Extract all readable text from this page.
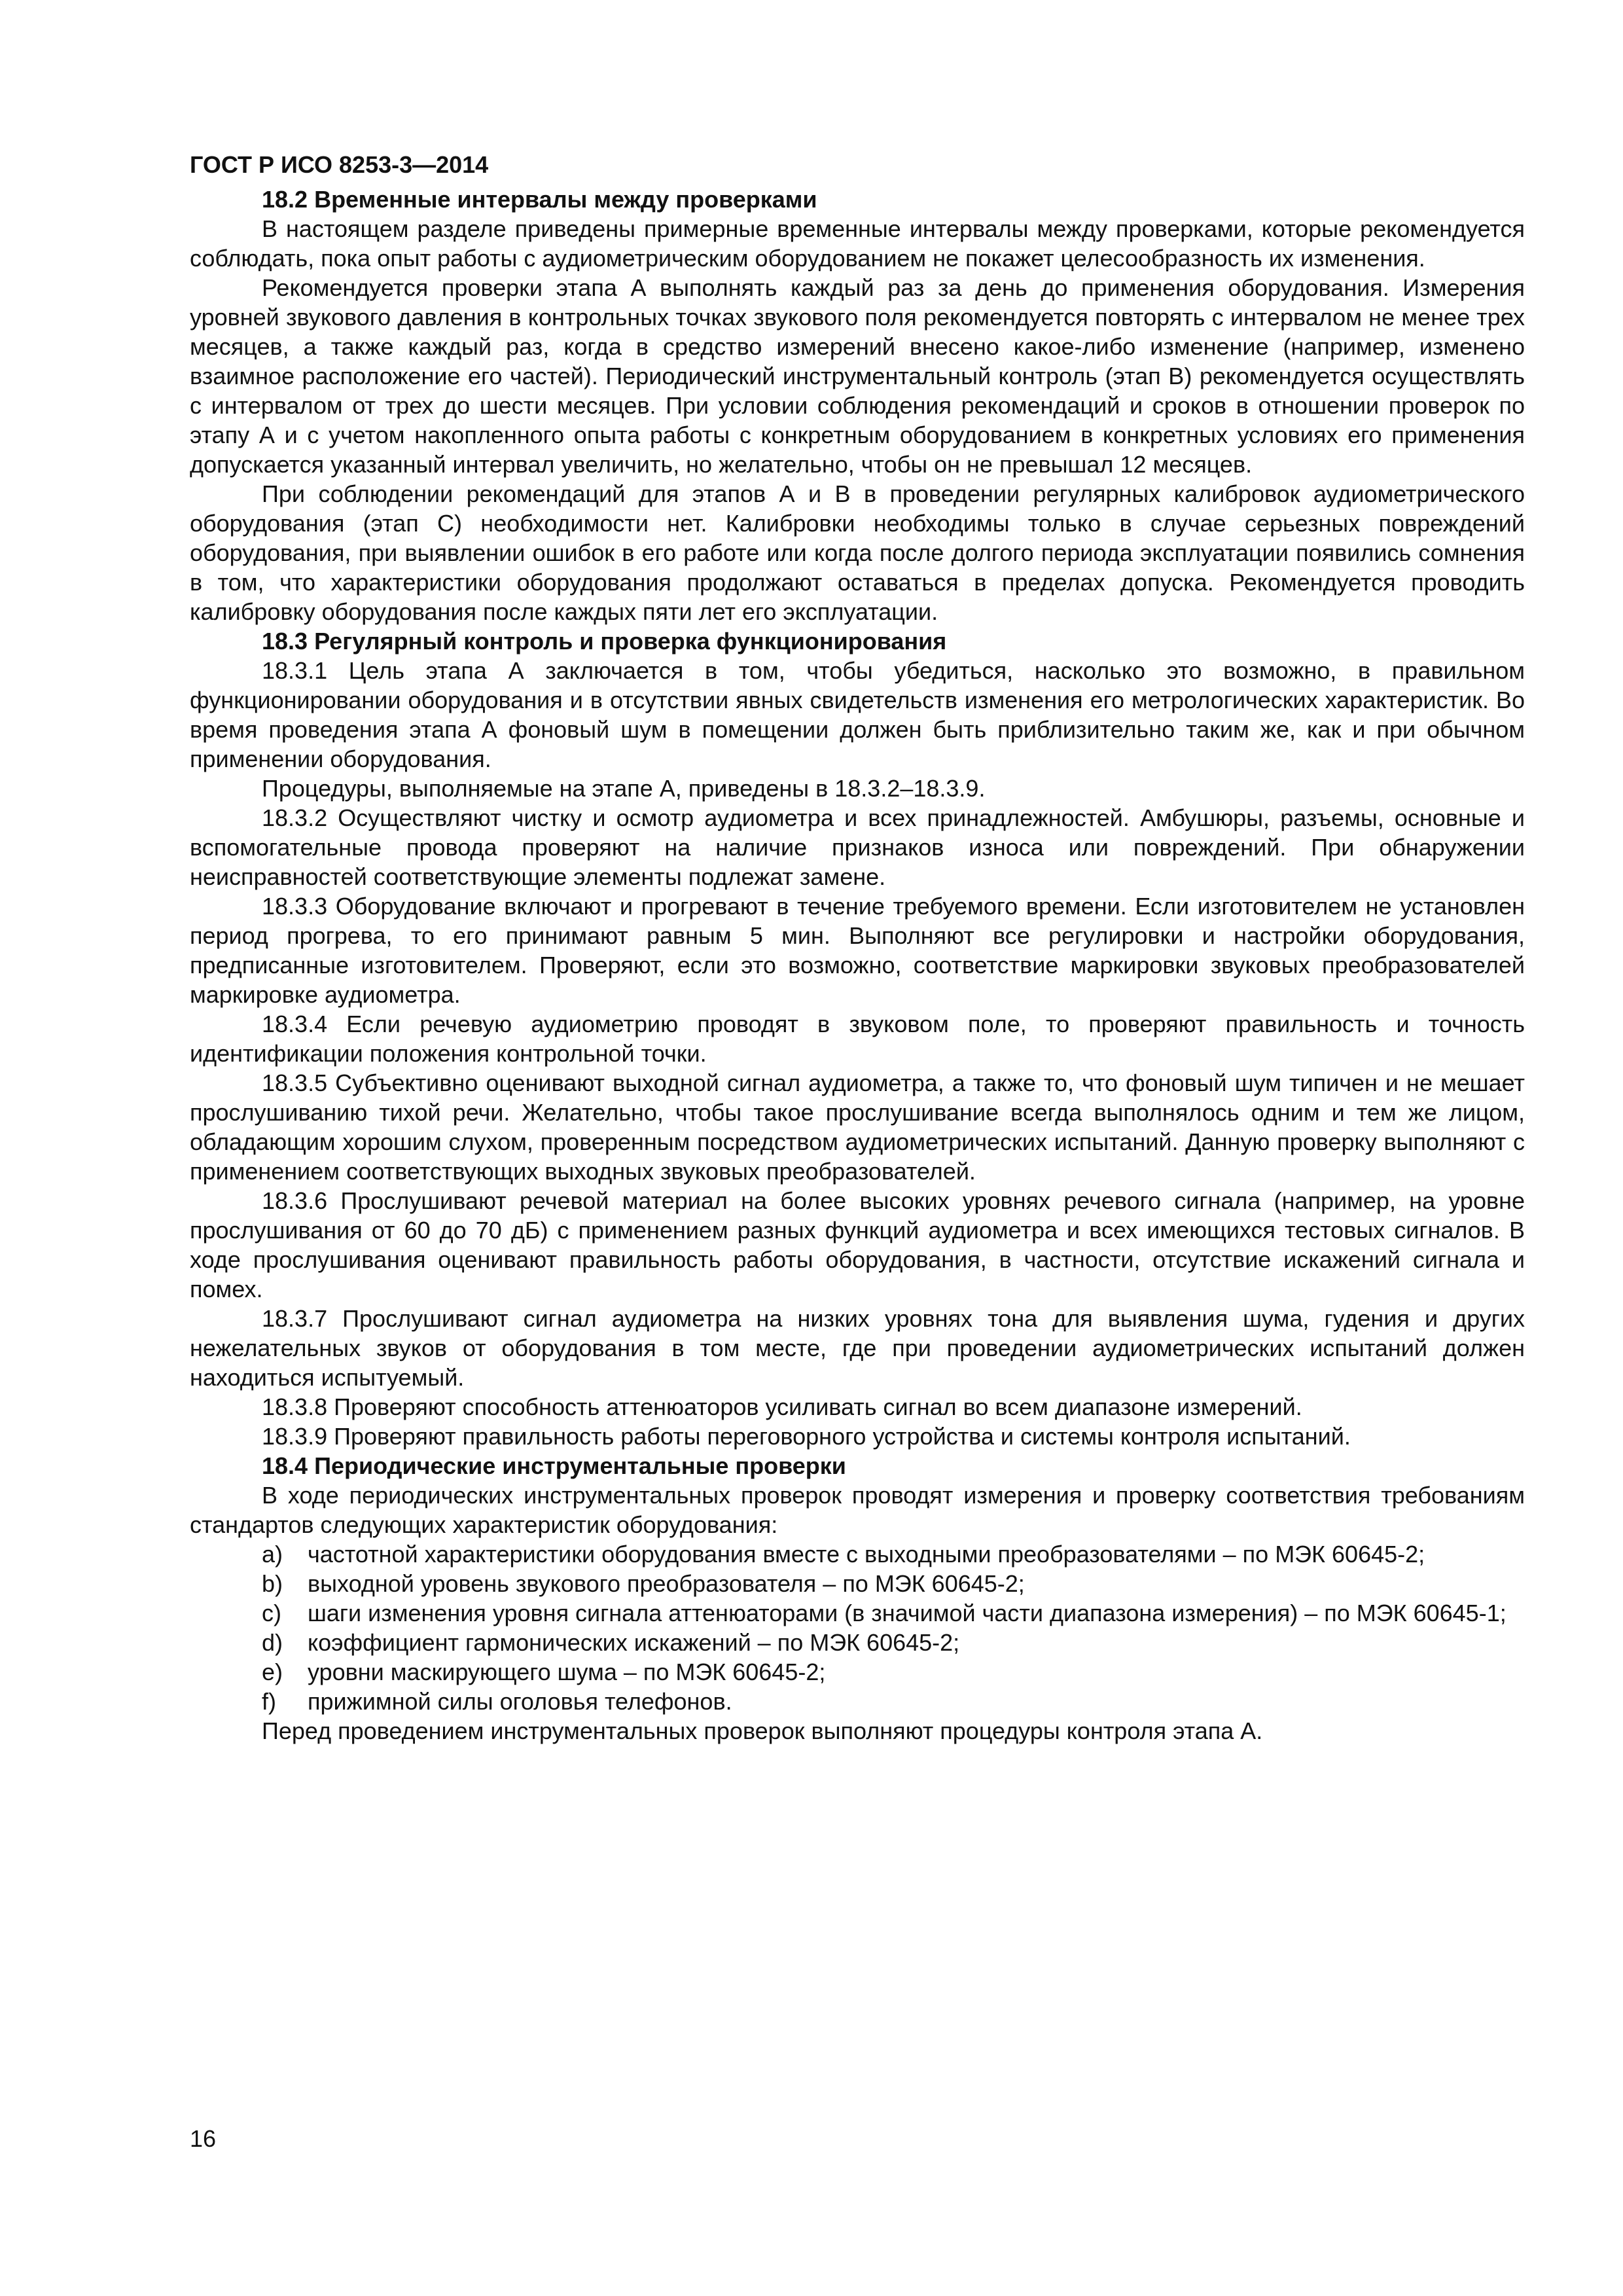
ГОСТ Р ИСО 8253-3—2014

18.2 Временные интервалы между проверками

В настоящем разделе приведены примерные временные интервалы между проверками, которые рекомендуется соблюдать, пока опыт работы с аудиометрическим оборудованием не покажет целесообразность их изменения.

Рекомендуется проверки этапа А выполнять каждый раз за день до применения оборудования. Измерения уровней звукового давления в контрольных точках звукового поля рекомендуется повторять с интервалом не менее трех месяцев, а также каждый раз, когда в средство измерений внесено какое-либо изменение (например, изменено взаимное расположение его частей). Периодический инструментальный контроль (этап В) рекомендуется осуществлять с интервалом от трех до шести месяцев. При условии соблюдения рекомендаций и сроков в отношении проверок по этапу А и с учетом накопленного опыта работы с конкретным оборудованием в конкретных условиях его применения допускается указанный интервал увеличить, но желательно, чтобы он не превышал 12 месяцев.

При соблюдении рекомендаций для этапов А и В в проведении регулярных калибровок аудиометрического оборудования (этап С) необходимости нет. Калибровки необходимы только в случае серьезных повреждений оборудования, при выявлении ошибок в его работе или когда после долгого периода эксплуатации появились сомнения в том, что характеристики оборудования продолжают оставаться в пределах допуска. Рекомендуется проводить калибровку оборудования после каждых пяти лет его эксплуатации.

18.3 Регулярный контроль и проверка функционирования

18.3.1 Цель этапа А заключается в том, чтобы убедиться, насколько это возможно, в правильном функционировании оборудования и в отсутствии явных свидетельств изменения его метрологических характеристик. Во время проведения этапа А фоновый шум в помещении должен быть приблизительно таким же, как и при обычном применении оборудования.

Процедуры, выполняемые на этапе А, приведены в 18.3.2–18.3.9.

18.3.2 Осуществляют чистку и осмотр аудиометра и всех принадлежностей. Амбушюры, разъемы, основные и вспомогательные провода проверяют на наличие признаков износа или повреждений. При обнаружении неисправностей соответствующие элементы подлежат замене.

18.3.3 Оборудование включают и прогревают в течение требуемого времени. Если изготовителем не установлен период прогрева, то его принимают равным 5 мин. Выполняют все регулировки и настройки оборудования, предписанные изготовителем. Проверяют, если это возможно, соответствие маркировки звуковых преобразователей маркировке аудиометра.

18.3.4 Если речевую аудиометрию проводят в звуковом поле, то проверяют правильность и точность идентификации положения контрольной точки.

18.3.5 Субъективно оценивают выходной сигнал аудиометра, а также то, что фоновый шум типичен и не мешает прослушиванию тихой речи. Желательно, чтобы такое прослушивание всегда выполнялось одним и тем же лицом, обладающим хорошим слухом, проверенным посредством аудиометрических испытаний. Данную проверку выполняют с применением соответствующих выходных звуковых преобразователей.

18.3.6 Прослушивают речевой материал на более высоких уровнях речевого сигнала (например, на уровне прослушивания от 60 до 70 дБ) с применением разных функций аудиометра и всех имеющихся тестовых сигналов. В ходе прослушивания оценивают правильность работы оборудования, в частности, отсутствие искажений сигнала и помех.

18.3.7 Прослушивают сигнал аудиометра на низких уровнях тона для выявления шума, гудения и других нежелательных звуков от оборудования в том месте, где при проведении аудиометрических испытаний должен находиться испытуемый.

18.3.8 Проверяют способность аттенюаторов усиливать сигнал во всем диапазоне измерений.

18.3.9 Проверяют правильность работы переговорного устройства и системы контроля испытаний.

18.4 Периодические инструментальные проверки

В ходе периодических инструментальных проверок проводят измерения и проверку соответствия требованиям стандартов следующих характеристик оборудования:

a) частотной характеристики оборудования вместе с выходными преобразователями – по МЭК 60645-2;

b) выходной уровень звукового преобразователя – по МЭК 60645-2;

c) шаги изменения уровня сигнала аттенюаторами (в значимой части диапазона измерения) – по МЭК 60645-1;

d) коэффициент гармонических искажений – по МЭК 60645-2;

e) уровни маскирующего шума – по МЭК 60645-2;

f) прижимной силы оголовья телефонов.

Перед проведением инструментальных проверок выполняют процедуры контроля этапа А.

16
